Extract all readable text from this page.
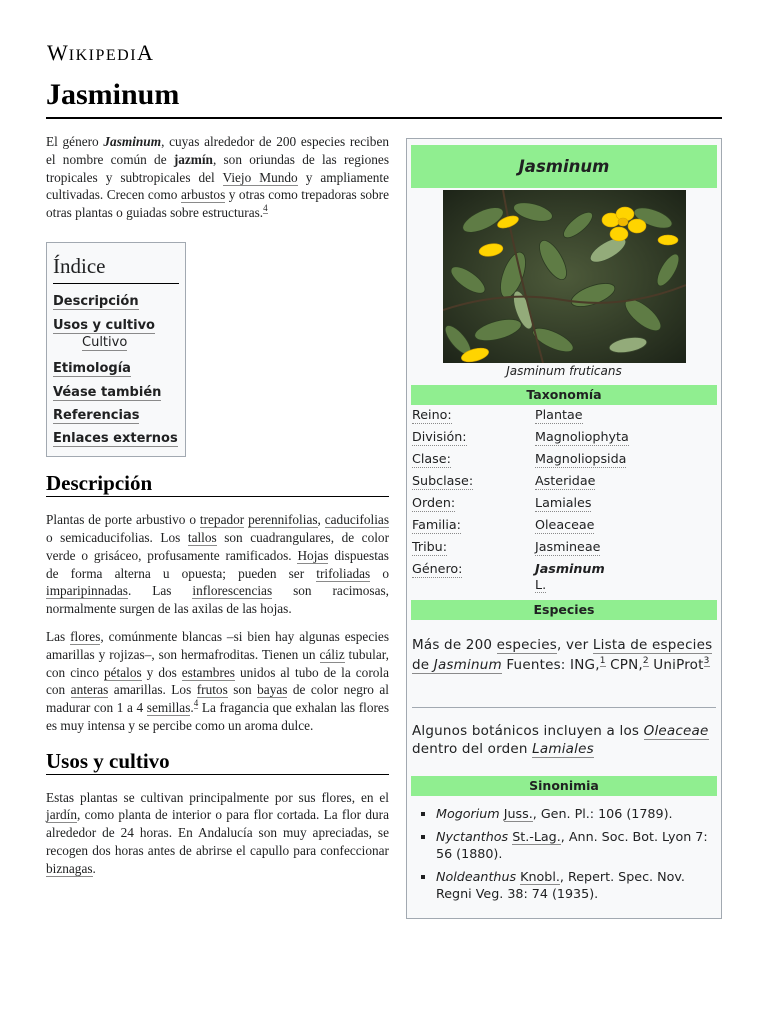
WIKIPEDIA
Jasminum

El género Jasminum, cuyas alrededor de 200 especies reciben el nombre común de jazmín, son oriundas de las regiones tropicales y subtropicales del Viejo Mundo y ampliamente cultivadas. Crecen como arbustos y otras como trepadoras sobre otras plantas o guiadas sobre estructuras.$^4$

Índice
Descripción
Usos y cultivo
Cultivo
Etimología
Véase también
Referencias
Enlaces externos
Descripción

Plantas de porte arbustivo o trepador perennifolias, caducifolias o semicaducifolias. Los tallos son cuadrangulares, de color verde o grisáceo, profusamente ramificados. Hojas dispuestas de forma alterna u opuesta; pueden ser trifoliadas o imparipinnadas. Las inflorescencias son racimosas, normalmente surgen de las axilas de las hojas.

Las flores, comúnmente blancas –si bien hay algunas especies amarillas y rojizas–, son hermafroditas. Tienen un cáliz tubular, con cinco pétalos y dos estambres unidos al tubo de la corola con anteras amarillas. Los frutos son bayas de color negro al madurar con 1 a 4 semillas.$^4$ La fragancia que exhalan las flores es muy intensa y se percibe como un aroma dulce.

Usos y cultivo

Estas plantas se cultivan principalmente por sus flores, en el jardín, como planta de interior o para flor cortada. La flor dura alrededor de 24 horas. En Andalucía son muy apreciadas, se recogen dos horas antes de abrirse el capullo para confeccionar biznagas.

Jasminum
Jasminum fruticans
Taxonomía
Reino:	Plantae
División:	Magnoliophyta
Clase:	Magnoliopsida
Subclase:	Asteridae
Orden:	Lamiales
Familia:	Oleaceae
Tribu:	Jasmineae
Género:	Jasminum
L.
Especies
Más de 200 especies, ver Lista de especies de Jasminum Fuentes: ING,$^1$ CPN,$^2$ UniProt$^3$
Algunos botánicos incluyen a los Oleaceae dentro del orden Lamiales
Sinonimia
Mogorium Juss., Gen. Pl.: 106 (1789).
Nyctanthos St.-Lag., Ann. Soc. Bot. Lyon 7: 56 (1880).
Noldeanthus Knobl., Repert. Spec. Nov. Regni Veg. 38: 74 (1935).
